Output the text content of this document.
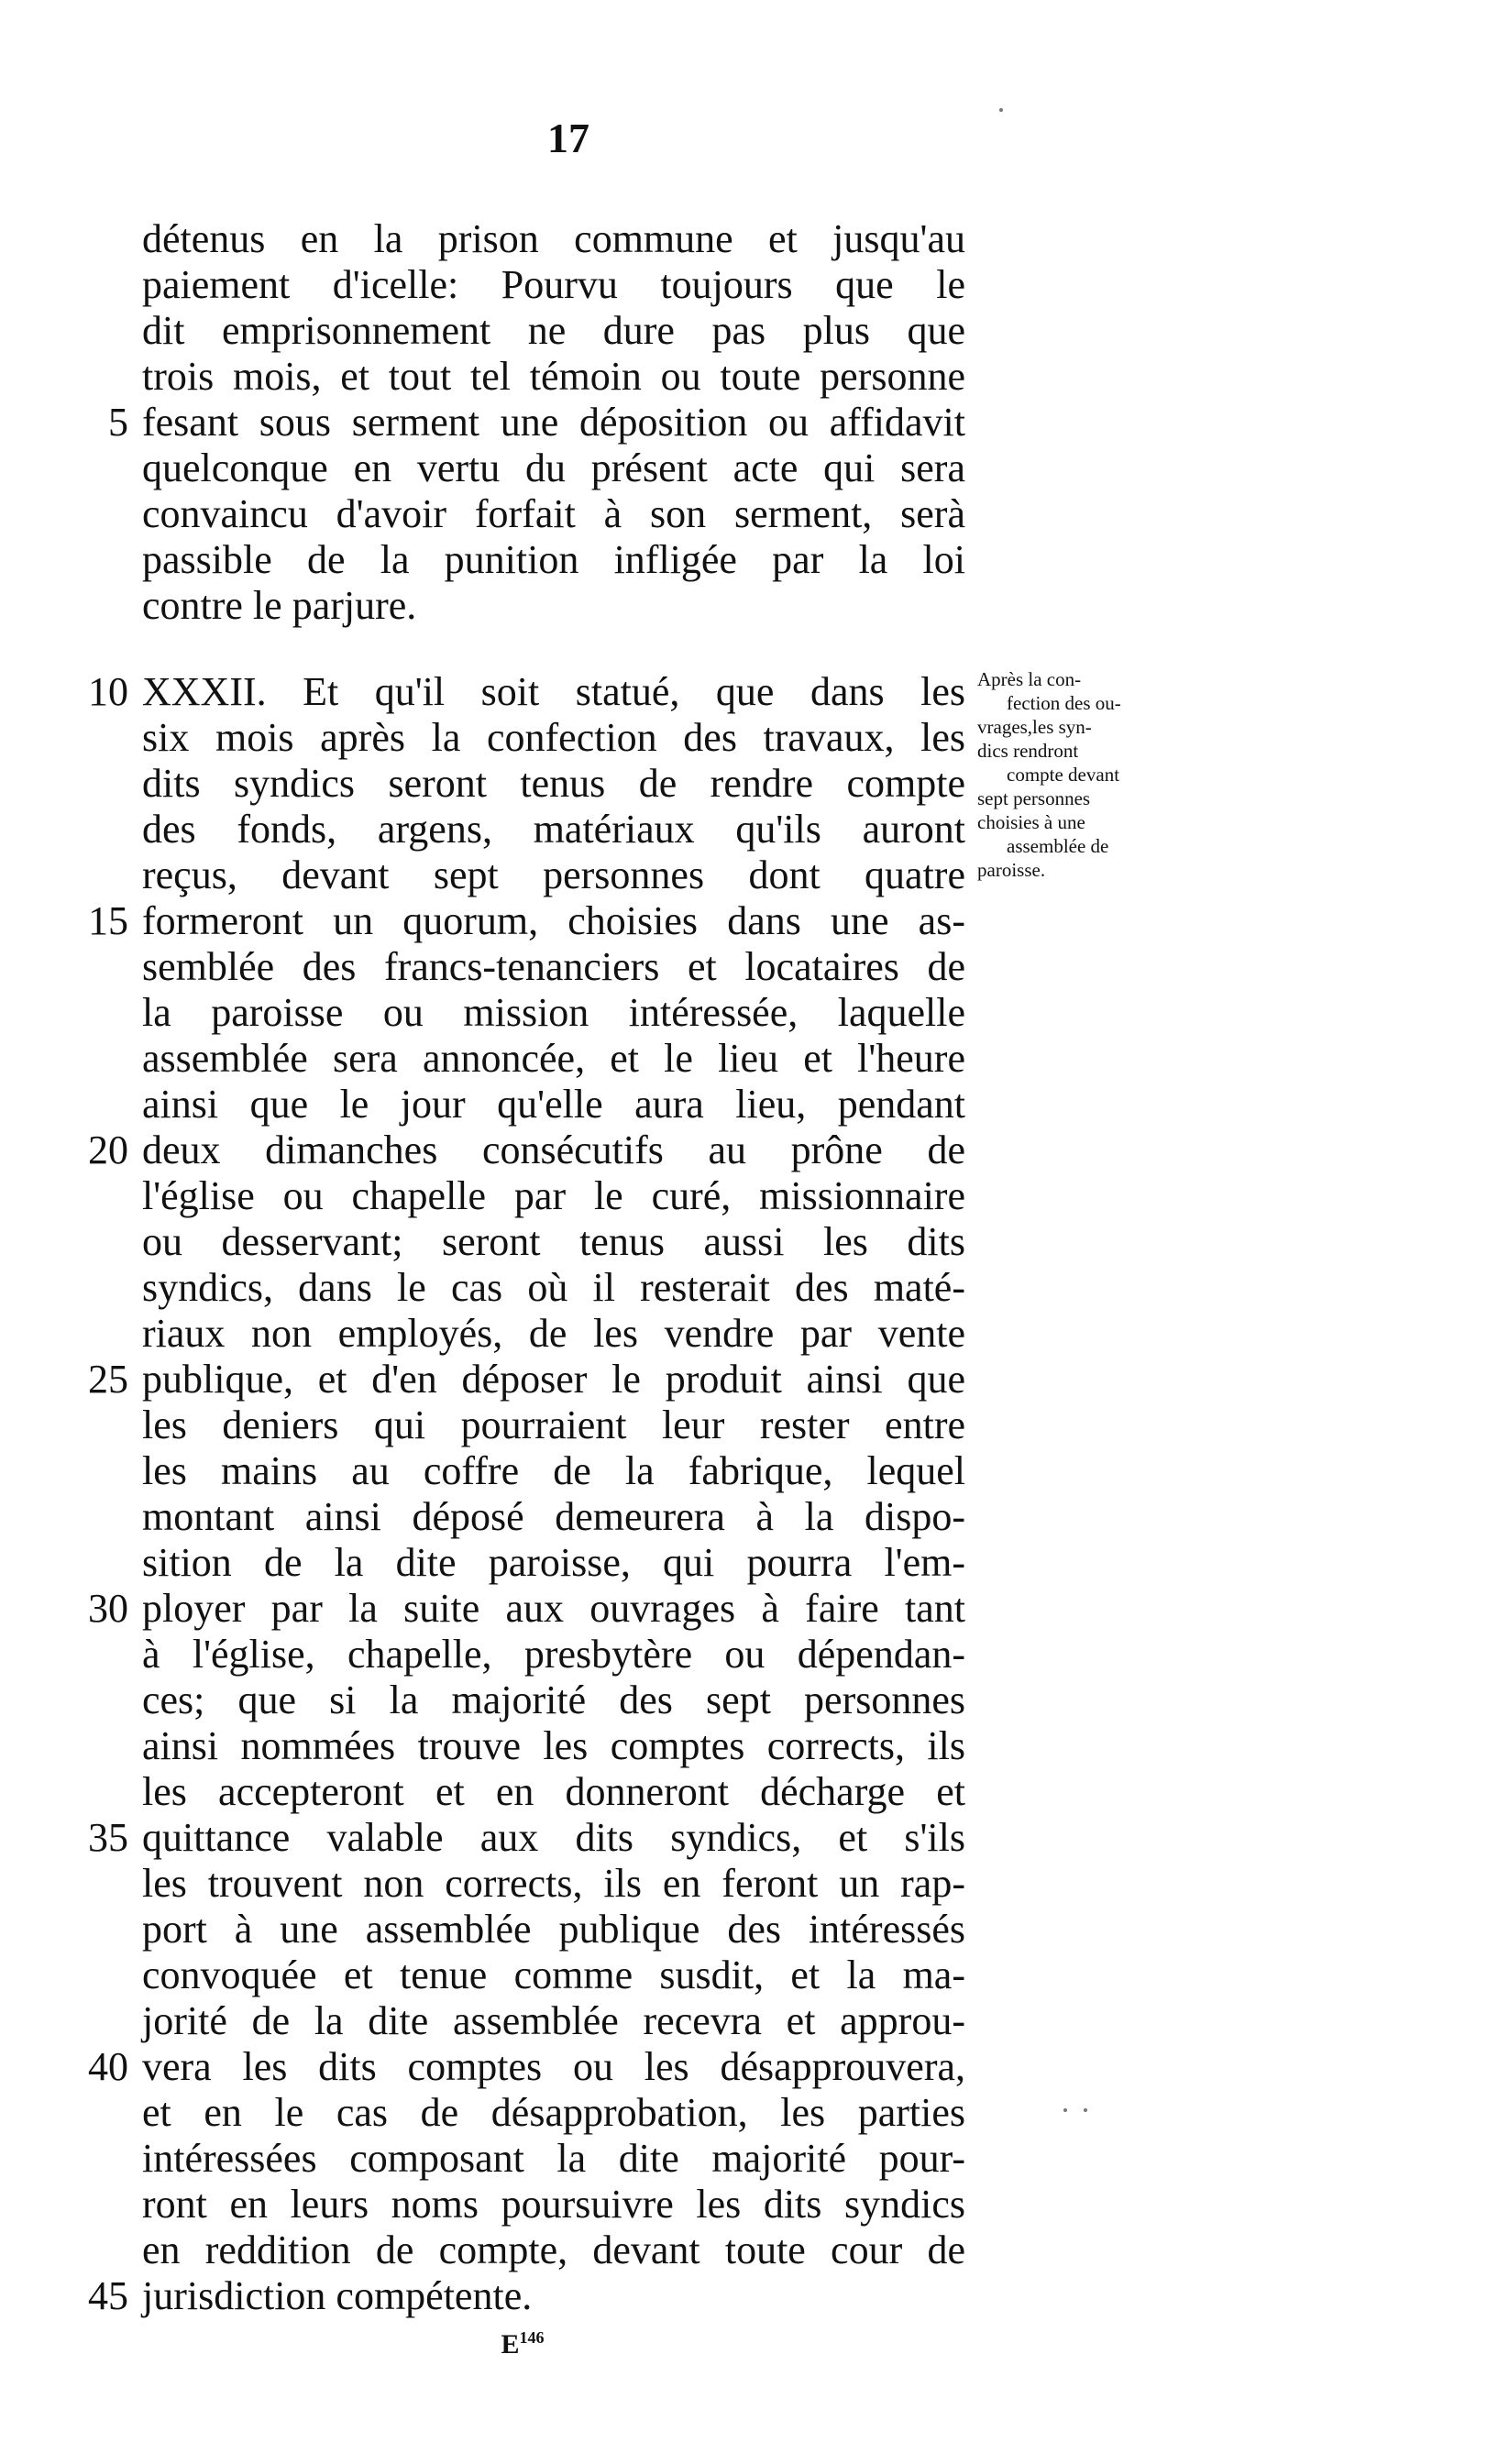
17
détenus en la prison commune et jusqu'au
paiement d'icelle: Pourvu toujours que le
dit emprisonnement ne dure pas plus que
trois mois, et tout tel témoin ou toute personne
fesant sous serment une déposition ou affidavit
quelconque en vertu du présent acte qui sera
convaincu d'avoir forfait à son serment, serà
passible de la punition infligée par la loi
contre le parjure.
XXXII. Et qu'il soit statué, que dans les
six mois après la confection des travaux, les
dits syndics seront tenus de rendre compte
des fonds, argens, matériaux qu'ils auront
reçus, devant sept personnes dont quatre
formeront un quorum, choisies dans une as-
semblée des francs-tenanciers et locataires de
la paroisse ou mission intéressée, laquelle
assemblée sera annoncée, et le lieu et l'heure
ainsi que le jour qu'elle aura lieu, pendant
deux dimanches consécutifs au prône de
l'église ou chapelle par le curé, missionnaire
ou desservant; seront tenus aussi les dits
syndics, dans le cas où il resterait des maté-
riaux non employés, de les vendre par vente
publique, et d'en déposer le produit ainsi que
les deniers qui pourraient leur rester entre
les mains au coffre de la fabrique, lequel
montant ainsi déposé demeurera à la dispo-
sition de la dite paroisse, qui pourra l'em-
ployer par la suite aux ouvrages à faire tant
à l'église, chapelle, presbytère ou dépendan-
ces; que si la majorité des sept personnes
ainsi nommées trouve les comptes corrects, ils
les accepteront et en donneront décharge et
quittance valable aux dits syndics, et s'ils
les trouvent non corrects, ils en feront un rap-
port à une assemblée publique des intéressés
convoquée et tenue comme susdit, et la ma-
jorité de la dite assemblée recevra et approu-
vera les dits comptes ou les désapprouvera,
et en le cas de désapprobation, les parties
intéressées composant la dite majorité pour-
ront en leurs noms poursuivre les dits syndics
en reddition de compte, devant toute cour de
jurisdiction compétente.
5
10
15
20
25
30
35
40
45
Après la con-
fection des ou-
vrages,les syn-
dics rendront
compte devant
sept personnes
choisies à une
assemblée de
paroisse.
$E^{146}$
